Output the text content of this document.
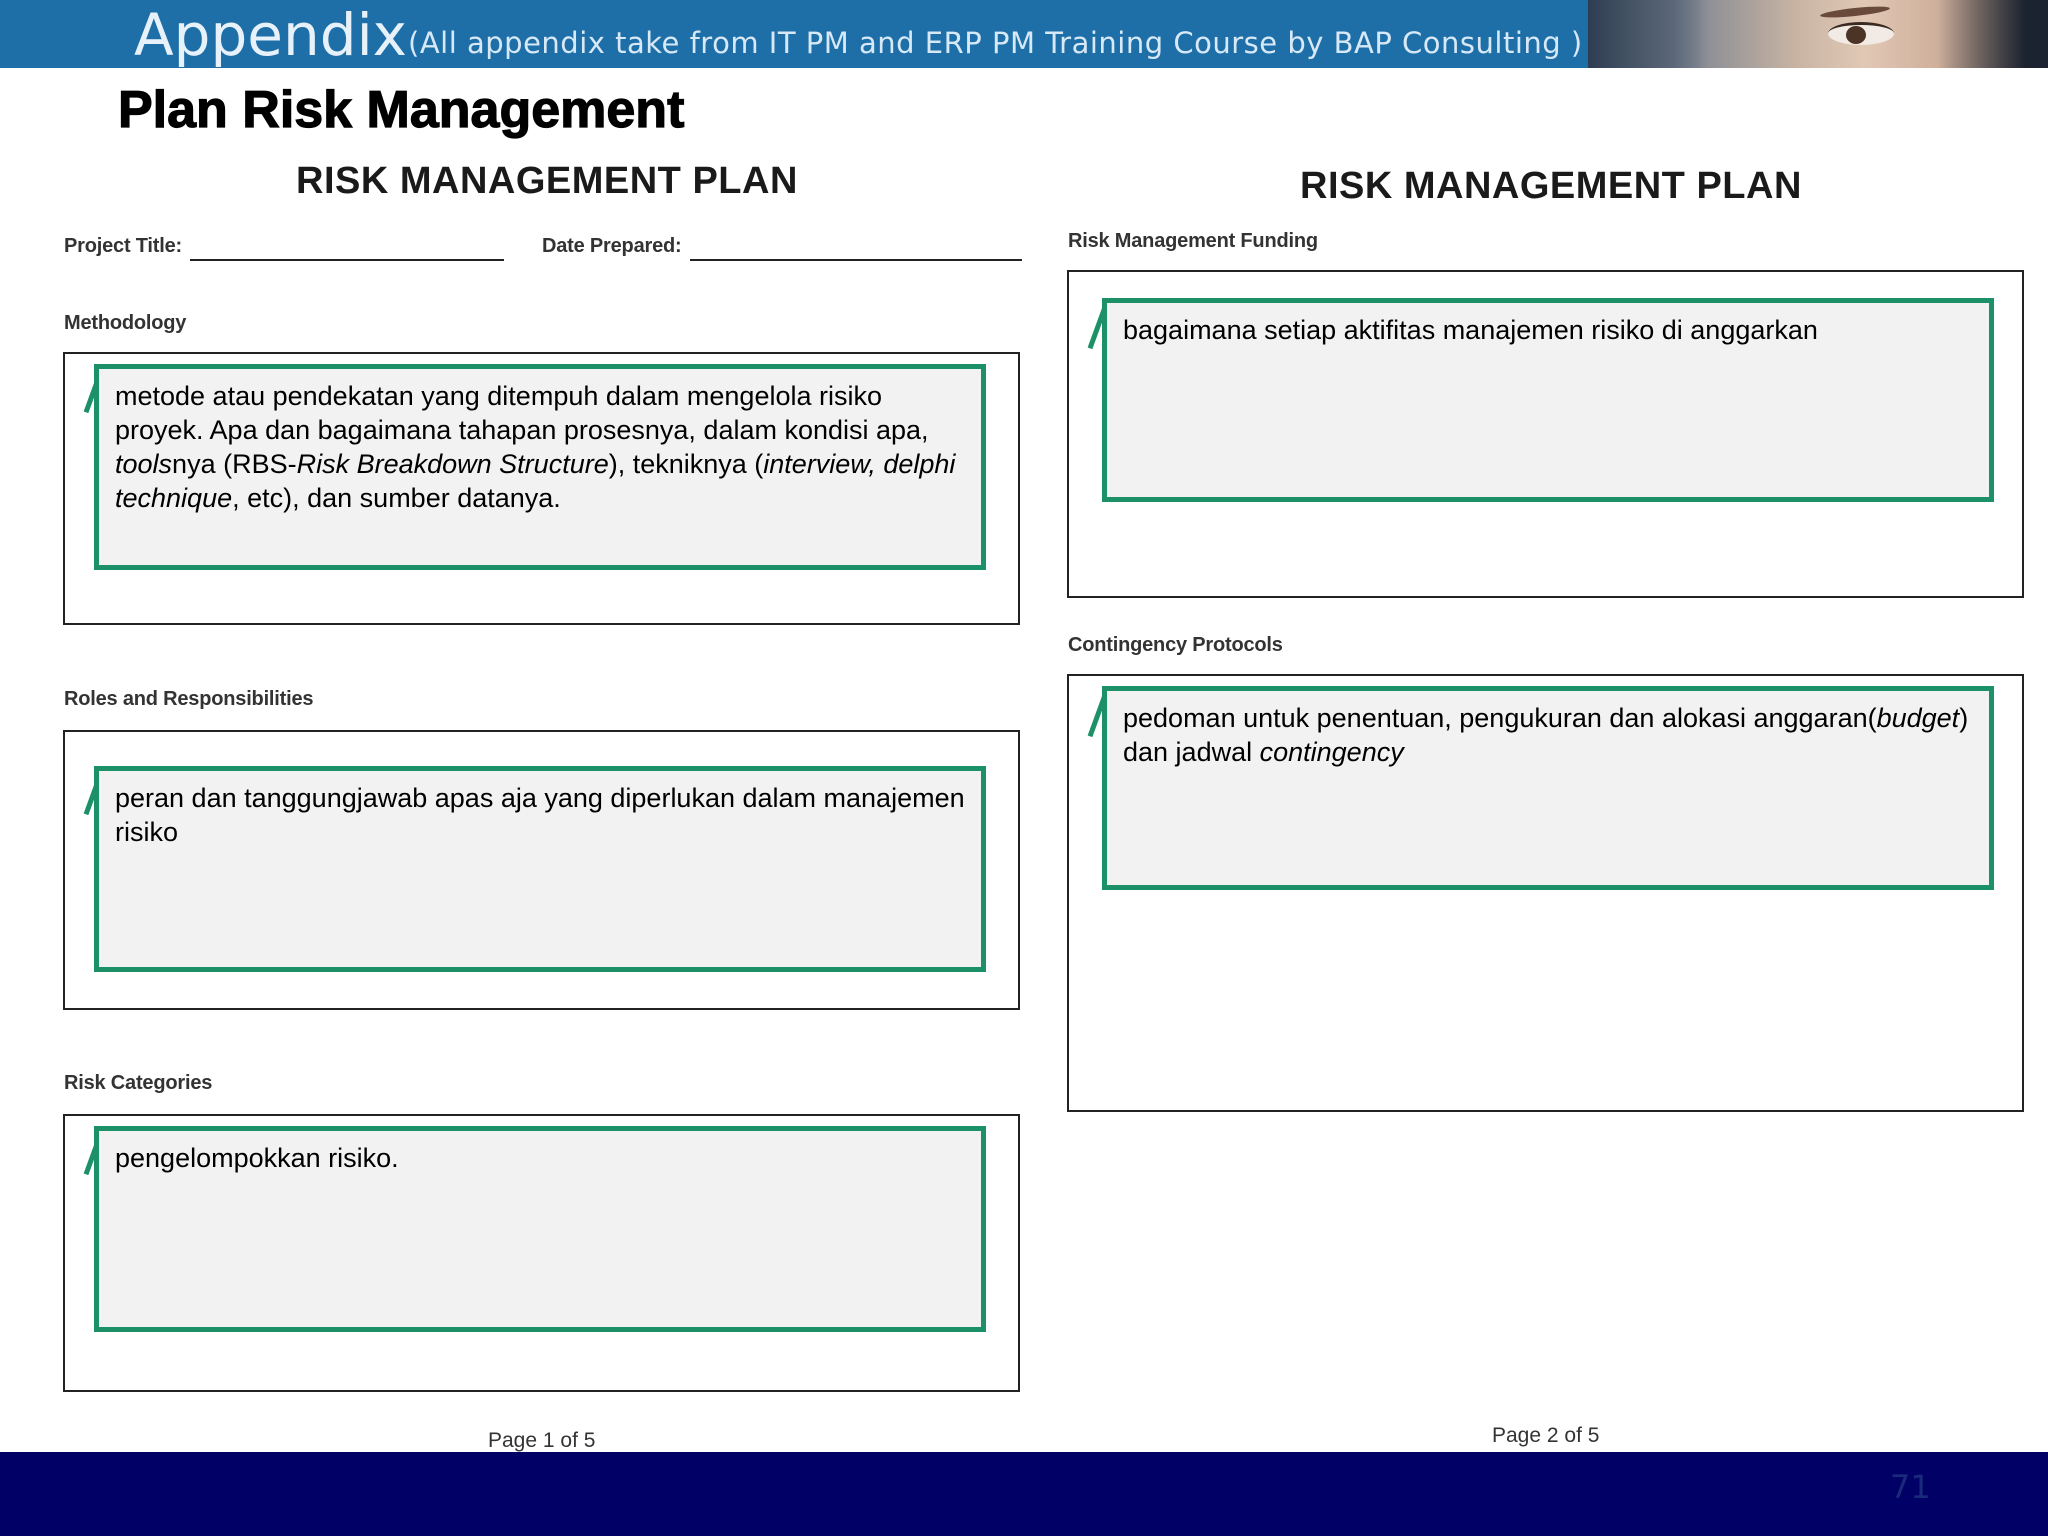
Appendix (All appendix take from IT PM and ERP PM Training Course by BAP Consulting )
Plan Risk Management
RISK MANAGEMENT PLAN
Project Title:	Date Prepared:
Methodology
metode atau pendekatan yang ditempuh dalam mengelola risiko proyek. Apa dan bagaimana tahapan prosesnya, dalam kondisi apa, toolsnya (RBS-Risk Breakdown Structure), tekniknya (interview, delphi technique, etc), dan sumber datanya.
Roles and Responsibilities
peran dan tanggungjawab apas aja yang diperlukan dalam manajemen risiko
Risk Categories
pengelompokkan risiko.
Page 1 of 5
RISK MANAGEMENT PLAN
Risk Management Funding
bagaimana setiap aktifitas manajemen risiko di anggarkan
Contingency Protocols
pedoman untuk penentuan, pengukuran dan alokasi anggaran(budget) dan jadwal contingency
Page 2 of 5
71
